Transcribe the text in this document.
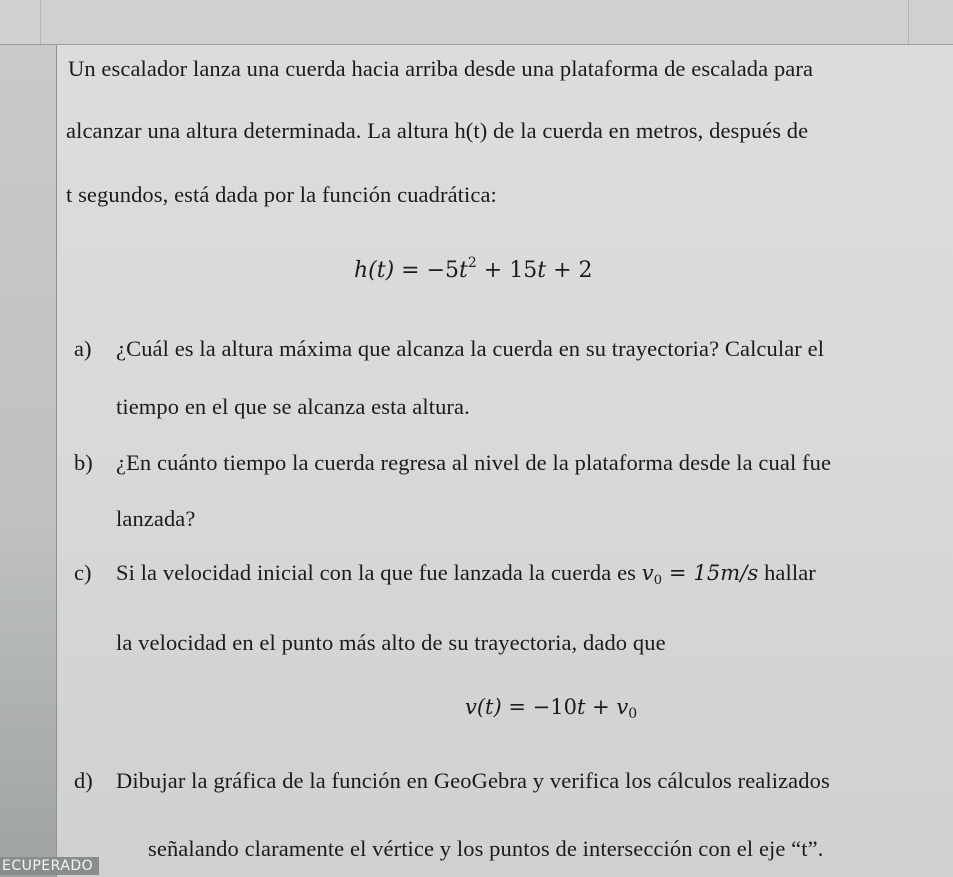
Un escalador lanza una cuerda hacia arriba desde una plataforma de escalada para
alcanzar una altura determinada. La altura h(t) de la cuerda en metros, después de
t segundos, está dada por la función cuadrática:
$h(t) = -5t^2 + 15t + 2$
a) ¿Cuál es la altura máxima que alcanza la cuerda en su trayectoria? Calcular el
tiempo en el que se alcanza esta altura.
b) ¿En cuánto tiempo la cuerda regresa al nivel de la plataforma desde la cual fue
lanzada?
c) Si la velocidad inicial con la que fue lanzada la cuerda es $v_0 = 15m/s$ hallar
la velocidad en el punto más alto de su trayectoria, dado que
$v(t) = -10t + v_0$
d) Dibujar la gráfica de la función en GeoGebra y verifica los cálculos realizados
señalando claramente el vértice y los puntos de intersección con el eje “t”.
ECUPERADO
